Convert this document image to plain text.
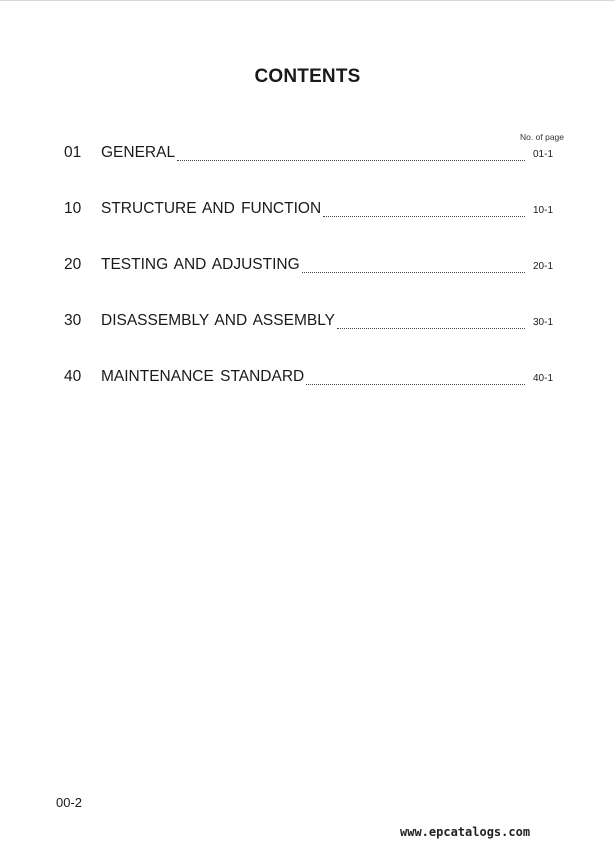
CONTENTS
No. of page
01	GENERAL	01-1
10	STRUCTURE AND FUNCTION	10-1
20	TESTING AND ADJUSTING	20-1
30	DISASSEMBLY AND ASSEMBLY	30-1
40	MAINTENANCE STANDARD	40-1
00-2
www.epcatalogs.com
